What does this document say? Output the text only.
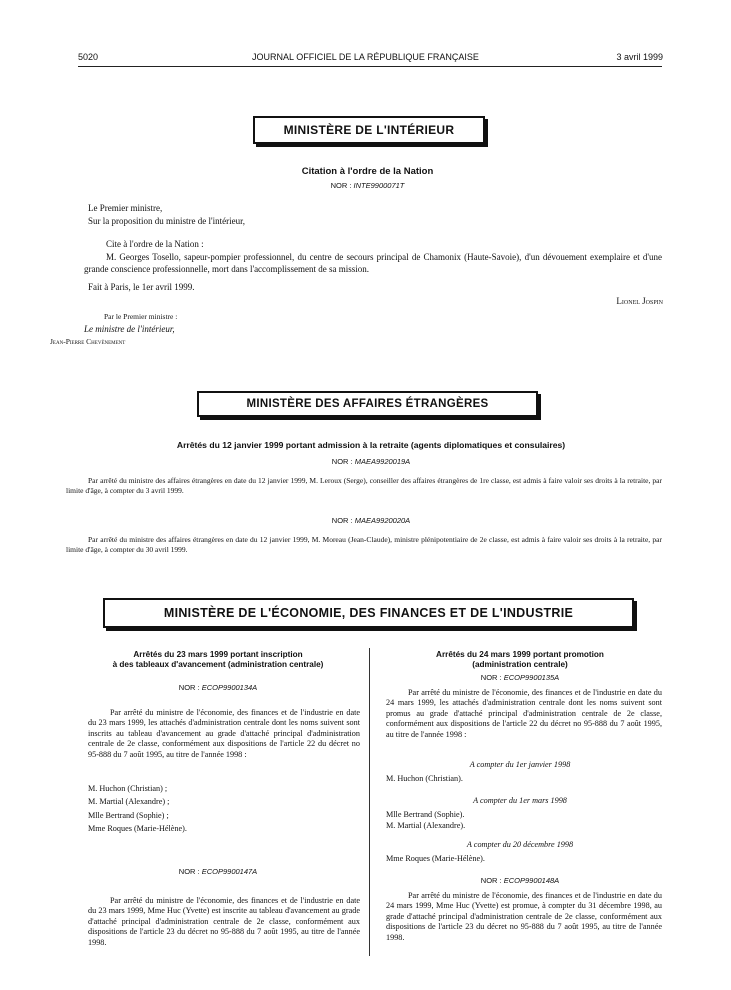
5020	JOURNAL OFFICIEL DE LA RÉPUBLIQUE FRANÇAISE	3 avril 1999
MINISTÈRE DE L'INTÉRIEUR
Citation à l'ordre de la Nation
NOR : INTE9900071T
Le Premier ministre,
Sur la proposition du ministre de l'intérieur,
Cite à l'ordre de la Nation :
M. Georges Tosello, sapeur-pompier professionnel, du centre de secours principal de Chamonix (Haute-Savoie), d'un dévouement exemplaire et d'une grande conscience professionnelle, mort dans l'accomplissement de sa mission.
Fait à Paris, le 1er avril 1999.
Lionel Jospin
Par le Premier ministre :
Le ministre de l'intérieur,
Jean-Pierre Chevènement
MINISTÈRE DES AFFAIRES ÉTRANGÈRES
Arrêtés du 12 janvier 1999 portant admission à la retraite (agents diplomatiques et consulaires)
NOR : MAEA9920019A
Par arrêté du ministre des affaires étrangères en date du 12 janvier 1999, M. Leroux (Serge), conseiller des affaires étrangères de 1re classe, est admis à faire valoir ses droits à la retraite, par limite d'âge, à compter du 3 avril 1999.
NOR : MAEA9920020A
Par arrêté du ministre des affaires étrangères en date du 12 janvier 1999, M. Moreau (Jean-Claude), ministre plénipotentiaire de 2e classe, est admis à faire valoir ses droits à la retraite, par limite d'âge, à compter du 30 avril 1999.
MINISTÈRE DE L'ÉCONOMIE, DES FINANCES ET DE L'INDUSTRIE
Arrêtés du 23 mars 1999 portant inscription
à des tableaux d'avancement (administration centrale)
NOR : ECOP9900134A
Par arrêté du ministre de l'économie, des finances et de l'industrie en date du 23 mars 1999, les attachés d'administration centrale dont les noms suivent sont inscrits au tableau d'avancement au grade d'attaché principal d'administration centrale de 2e classe, conformément aux dispositions de l'article 22 du décret no 95-888 du 7 août 1995, au titre de l'année 1998 :
M. Huchon (Christian) ;
M. Martial (Alexandre) ;
Mlle Bertrand (Sophie) ;
Mme Roques (Marie-Hélène).
NOR : ECOP9900147A
Par arrêté du ministre de l'économie, des finances et de l'industrie en date du 23 mars 1999, Mme Huc (Yvette) est inscrite au tableau d'avancement au grade d'attaché principal d'administration centrale de 2e classe, conformément aux dispositions de l'article 23 du décret no 95-888 du 7 août 1995, au titre de l'année 1998.
Arrêtés du 24 mars 1999 portant promotion
(administration centrale)
NOR : ECOP9900135A
Par arrêté du ministre de l'économie, des finances et de l'industrie en date du 24 mars 1999, les attachés d'administration centrale dont les noms suivent sont promus au grade d'attaché principal d'administration centrale de 2e classe, conformément aux dispositions de l'article 22 du décret no 95-888 du 7 août 1995, au titre de l'année 1998 :
A compter du 1er janvier 1998
M. Huchon (Christian).
A compter du 1er mars 1998
Mlle Bertrand (Sophie).
M. Martial (Alexandre).
A compter du 20 décembre 1998
Mme Roques (Marie-Hélène).
NOR : ECOP9900148A
Par arrêté du ministre de l'économie, des finances et de l'industrie en date du 24 mars 1999, Mme Huc (Yvette) est promue, à compter du 31 décembre 1998, au grade d'attaché principal d'administration centrale de 2e classe, conformément aux dispositions de l'article 23 du décret no 95-888 du 7 août 1995, au titre de l'année 1998.
